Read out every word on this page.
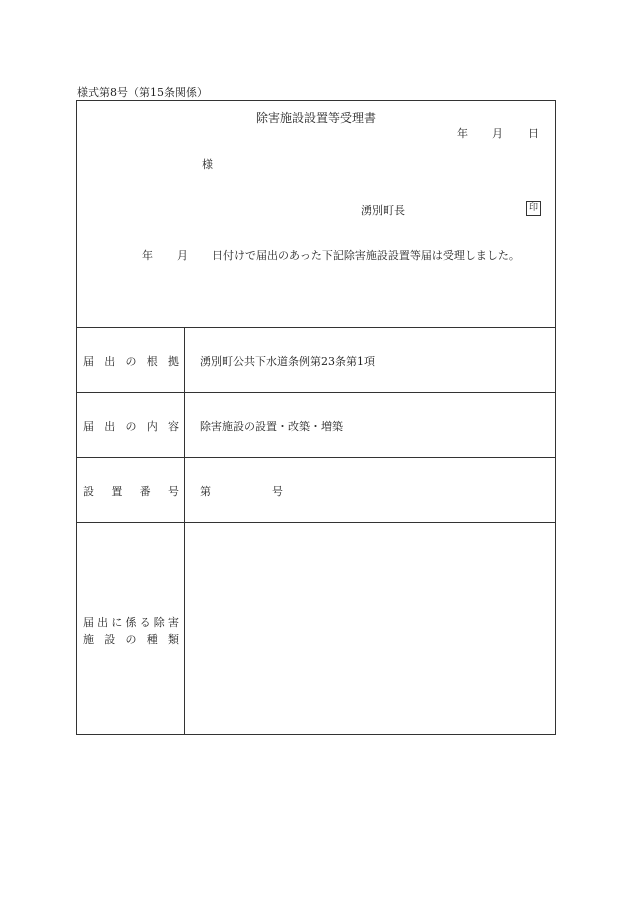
様式第8号（第15条関係）
除害施設設置等受理書
年 月 日
様
湧別町長	印
年 月 日付けで届出のあった下記除害施設設置等届は受理しました。
届 出 の 根 拠 湧別町公共下水道条例第23条第1項
届 出 の 内 容 除害施設の設置・改築・増築
設 置 番 号 第	号
届 出 に 係 る 除 害
施 設 の 種 類
